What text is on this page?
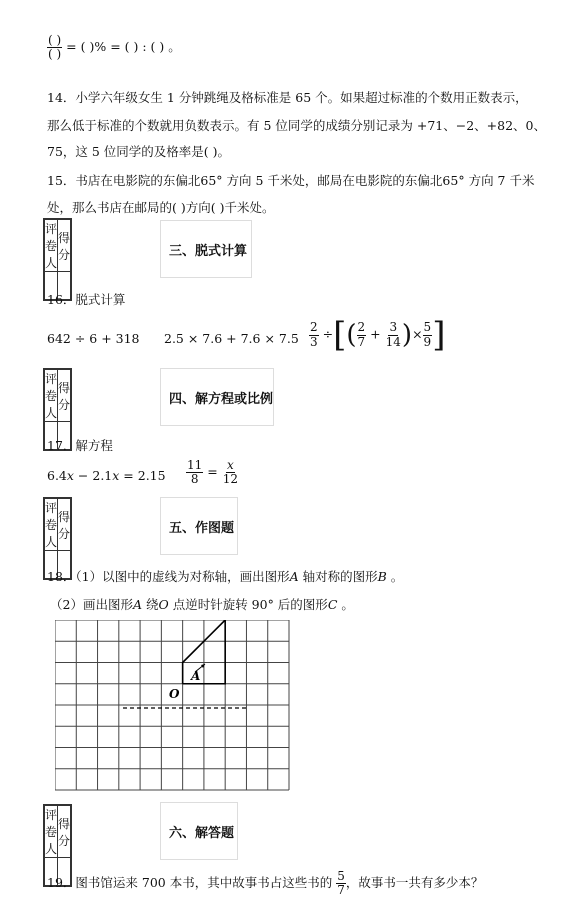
$\frac{( )}{( )}$ = ( )% = ( ) : ( ) 。
14．小学六年级女生 1 分钟跳绳及格标准是 65 个。如果超过标准的个数用正数表示，
那么低于标准的个数就用负数表示。有 5 位同学的成绩分别记录为 +71、−2、+82、0、
75，这 5 位同学的及格率是( )。
15．书店在电影院的东偏北65° 方向 5 千米处，邮局在电影院的东偏北65° 方向 7 千米
处，那么书店在邮局的( )方向( )千米处。
评卷人	得分
		三、脱式计算
16．脱式计算
642 ÷ 6 + 318 $2.5 \times 7.6 + 7.6 \times 7.5 \frac{2}{3}$ ÷[( $\frac{2}{7} + \frac{3}{14}$ )× $\frac{5}{9}$ ]
评卷人	得分
		四、解方程或比例
17．解方程
$6.4x - 2.1x = 2.15 \frac{11}{8} = \frac{x}{12}$
评卷人	得分
		五、作图题
18．（1）以图中的虚线为对称轴，画出图形A 轴对称的图形B 。
（2）画出图形A 绕O 点逆时针旋转 90° 后的图形C 。
A
O
评卷人	得分
		六、解答题
19．图书馆运来 700 本书，其中故事书占这些书的 $\frac{5}{7}$ ，故事书一共有多少本？
